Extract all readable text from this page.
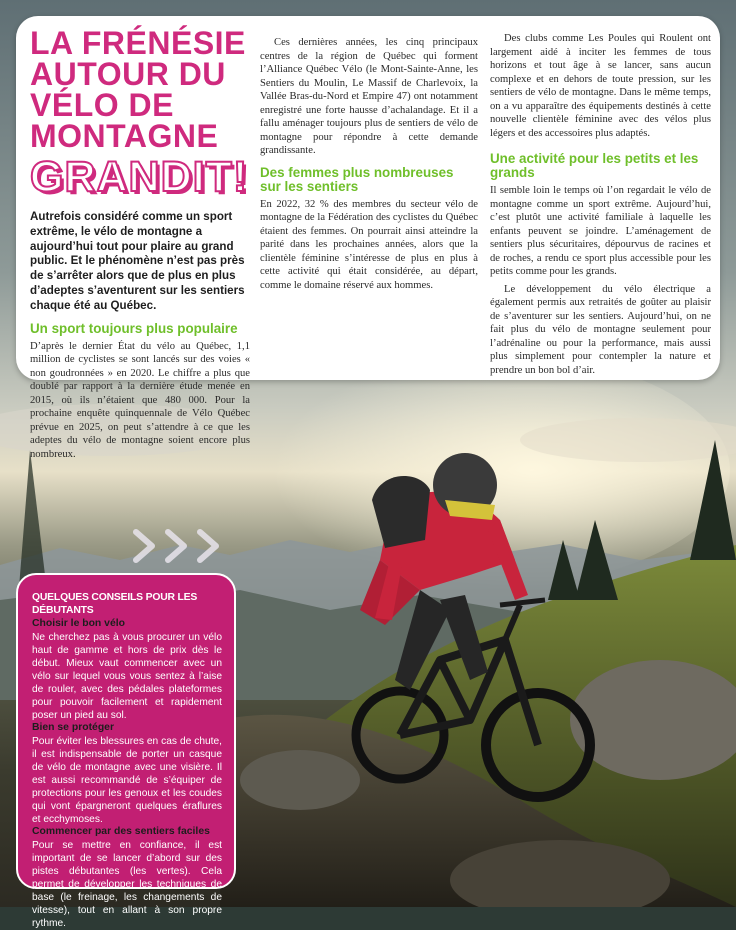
LA FRÉNÉSIE
AUTOUR DU
VÉLO DE
MONTAGNE
GRANDIT!

Autrefois considéré comme un sport extrême, le vélo de montagne a aujourd’hui tout pour plaire au grand public. Et le phénomène n’est pas près de s’arrêter alors que de plus en plus d’adeptes s’aventurent sur les sentiers chaque été au Québec.

Un sport toujours plus populaire

D’après le dernier État du vélo au Québec, 1,1 million de cyclistes se sont lancés sur des voies « non goudronnées » en 2020. Le chiffre a plus que doublé par rapport à la dernière étude menée en 2015, où ils n’étaient que 480 000. Pour la prochaine enquête quinquennale de Vélo Québec prévue en 2025, on peut s’attendre à ce que les adeptes du vélo de montagne soient encore plus nombreux.

Ces dernières années, les cinq principaux centres de la région de Québec qui forment l’Alliance Québec Vélo (le Mont-Sainte-Anne, les Sentiers du Moulin, Le Massif de Charlevoix, la Vallée Bras-du-Nord et Empire 47) ont notamment enregistré une forte hausse d’achalandage. Et il a fallu aménager toujours plus de sentiers de vélo de montagne pour répondre à cette demande grandissante.

Des femmes plus nombreuses sur les sentiers

En 2022, 32 % des membres du secteur vélo de montagne de la Fédération des cyclistes du Québec étaient des femmes. On pourrait ainsi atteindre la parité dans les prochaines années, alors que la clientèle féminine s’intéresse de plus en plus à cette activité qui était considérée, au départ, comme le domaine réservé aux hommes.

Des clubs comme Les Poules qui Roulent ont largement aidé à inciter les femmes de tous horizons et tout âge à se lancer, sans aucun complexe et en dehors de toute pression, sur les sentiers de vélo de montagne. Dans le même temps, on a vu apparaître des équipements destinés à cette nouvelle clientèle féminine avec des vélos plus légers et des accessoires plus adaptés.

Une activité pour les petits et les grands

Il semble loin le temps où l’on regardait le vélo de montagne comme un sport extrême. Aujourd’hui, c’est plutôt une activité familiale à laquelle les enfants peuvent se joindre. L’aménagement de sentiers plus sécuritaires, dépourvus de racines et de roches, a rendu ce sport plus accessible pour les petits comme pour les grands.

Le développement du vélo électrique a également permis aux retraités de goûter au plaisir de s’aventurer sur les sentiers. Aujourd’hui, on ne fait plus du vélo de montagne seulement pour l’adrénaline ou pour la performance, mais aussi plus simplement pour contempler la nature et prendre un bon bol d’air.

QUELQUES CONSEILS POUR LES DÉBUTANTS
Choisir le bon vélo

Ne cherchez pas à vous procurer un vélo haut de gamme et hors de prix dès le début. Mieux vaut commencer avec un vélo sur lequel vous vous sentez à l’aise de rouler, avec des pédales plateformes pour pouvoir facilement et rapidement poser un pied au sol.

Bien se protéger

Pour éviter les blessures en cas de chute, il est indispensable de porter un casque de vélo de montagne avec une visière. Il est aussi recommandé de s’équiper de protections pour les genoux et les coudes qui vont épargneront quelques éraflures et ecchymoses.

Commencer par des sentiers faciles

Pour se mettre en confiance, il est important de se lancer d’abord sur des pistes débutantes (les vertes). Cela permet de développer les techniques de base (le freinage, les changements de vitesse), tout en allant à son propre rythme.
